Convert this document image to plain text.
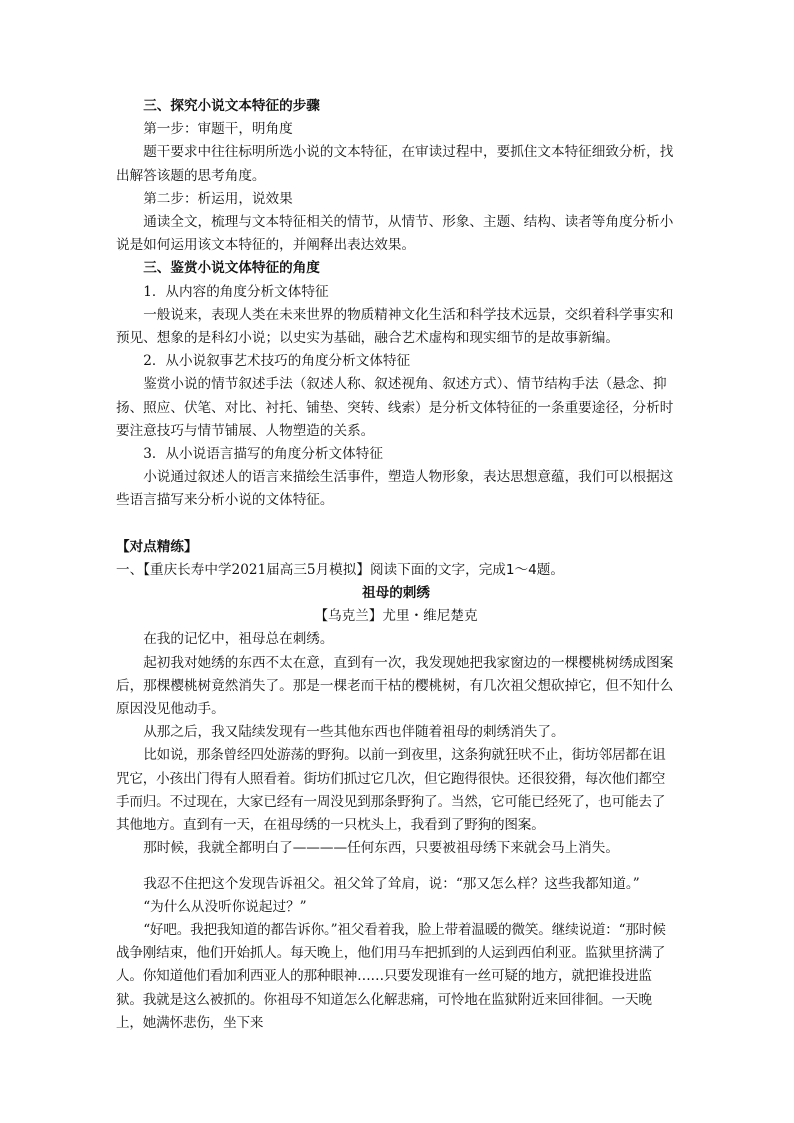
三、探究小说文本特征的步骤

第一步：审题干，明角度

题干要求中往往标明所选小说的文本特征，在审读过程中，要抓住文本特征细致分析，找出解答该题的思考角度。

第二步：析运用，说效果

通读全文，梳理与文本特征相关的情节，从情节、形象、主题、结构、读者等角度分析小说是如何运用该文本特征的，并阐释出表达效果。

三、鉴赏小说文体特征的角度

1．从内容的角度分析文体特征

一般说来，表现人类在未来世界的物质精神文化生活和科学技术远景，交织着科学事实和预见、想象的是科幻小说；以史实为基础，融合艺术虚构和现实细节的是故事新编。

2．从小说叙事艺术技巧的角度分析文体特征

鉴赏小说的情节叙述手法（叙述人称、叙述视角、叙述方式）、情节结构手法（悬念、抑扬、照应、伏笔、对比、衬托、铺垫、突转、线索）是分析文体特征的一条重要途径，分析时要注意技巧与情节铺展、人物塑造的关系。

3．从小说语言描写的角度分析文体特征

小说通过叙述人的语言来描绘生活事件，塑造人物形象，表达思想意蕴，我们可以根据这些语言描写来分析小说的文体特征。

【对点精练】

一、【重庆长寿中学2021届高三5月模拟】阅读下面的文字，完成1～4题。

祖母的刺绣

【乌克兰】尤里・维尼楚克

在我的记忆中，祖母总在刺绣。

起初我对她绣的东西不太在意，直到有一次，我发现她把我家窗边的一棵樱桃树绣成图案后，那棵樱桃树竟然消失了。那是一棵老而干枯的樱桃树，有几次祖父想砍掉它，但不知什么原因没见他动手。

从那之后，我又陆续发现有一些其他东西也伴随着祖母的刺绣消失了。

比如说，那条曾经四处游荡的野狗。以前一到夜里，这条狗就狂吠不止，街坊邻居都在诅咒它，小孩出门得有人照看着。街坊们抓过它几次，但它跑得很快。还很狡猾，每次他们都空手而归。不过现在，大家已经有一周没见到那条野狗了。当然，它可能已经死了，也可能去了其他地方。直到有一天，在祖母绣的一只枕头上，我看到了野狗的图案。

那时候，我就全都明白了————任何东西，只要被祖母绣下来就会马上消失。

我忍不住把这个发现告诉祖父。祖父耸了耸肩，说：“那又怎么样？这些我都知道。”

“为什么从没听你说起过？”

“好吧。我把我知道的都告诉你。”祖父看着我，脸上带着温暖的微笑。继续说道：“那时候战争刚结束，他们开始抓人。每天晚上，他们用马车把抓到的人运到西伯利亚。监狱里挤满了人。你知道他们看加利西亚人的那种眼神……只要发现谁有一丝可疑的地方，就把谁投进监狱。我就是这么被抓的。你祖母不知道怎么化解悲痛，可怜地在监狱附近来回徘徊。一天晚上，她满怀悲伤，坐下来
